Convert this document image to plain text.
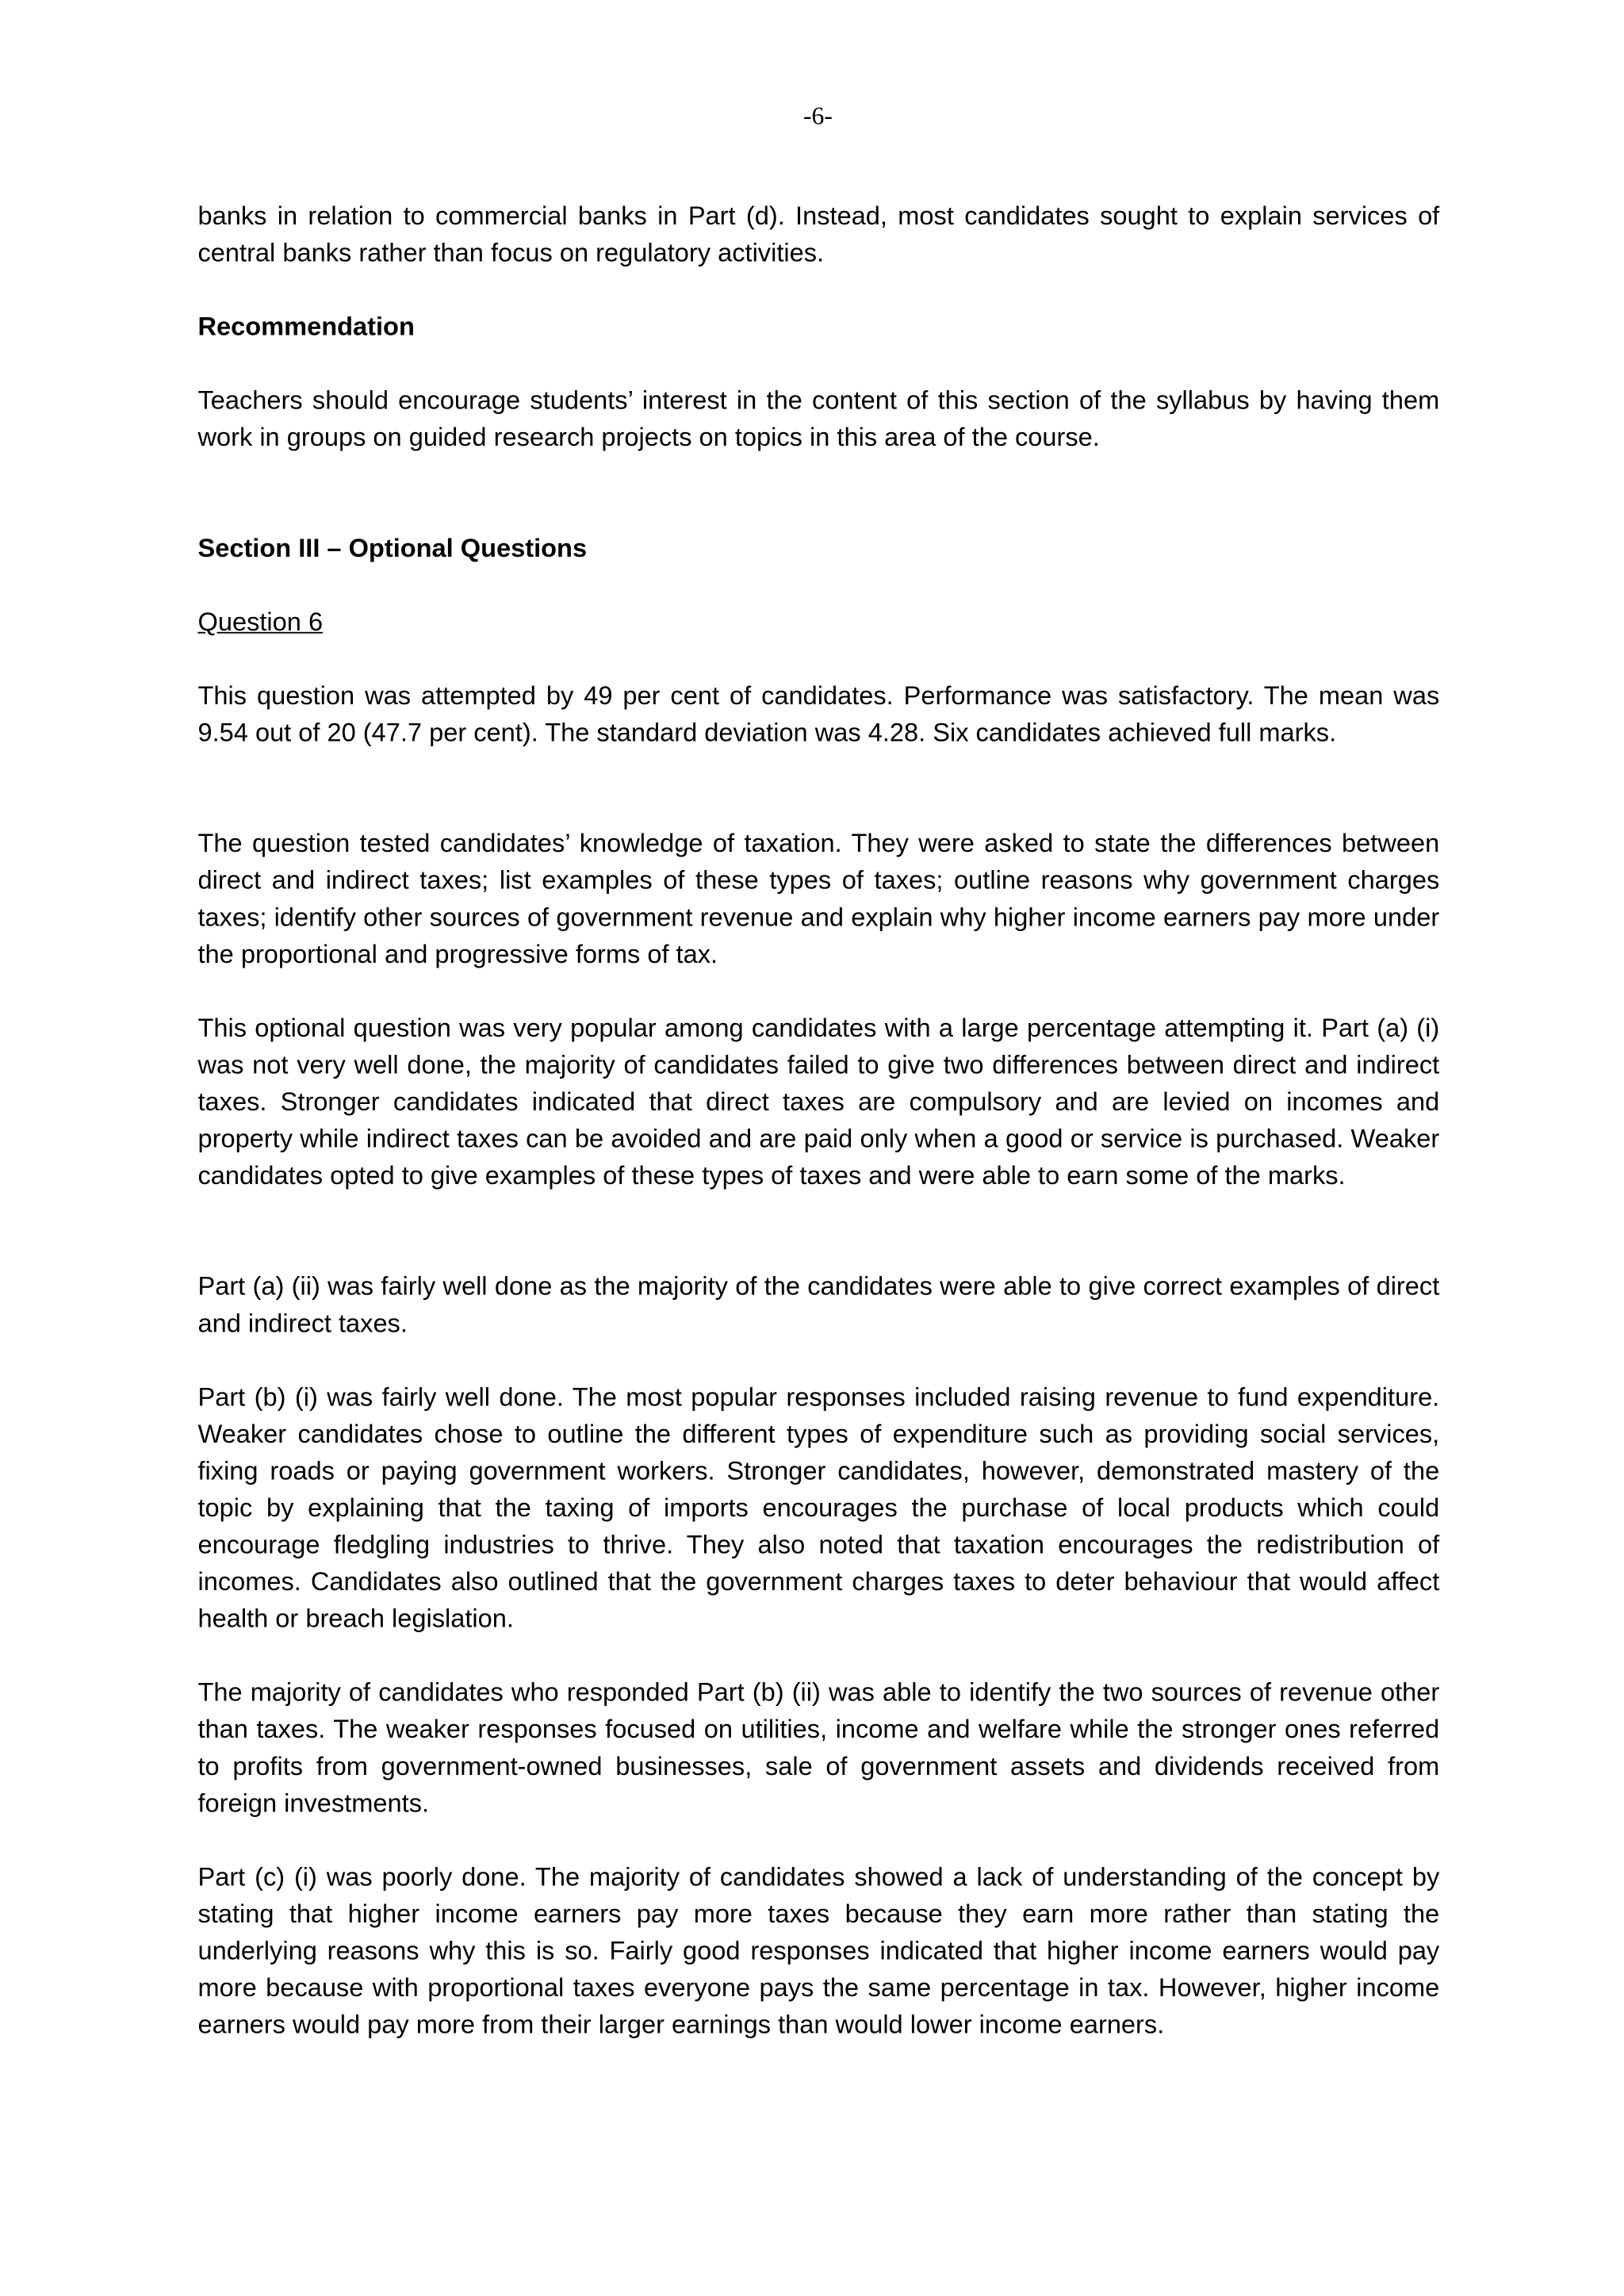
-6-

banks in relation to commercial banks in Part (d). Instead, most candidates sought to explain services of central banks rather than focus on regulatory activities.

Recommendation

Teachers should encourage students’ interest in the content of this section of the syllabus by having them work in groups on guided research projects on topics in this area of the course.

Section III – Optional Questions

Question 6

This question was attempted by 49 per cent of candidates. Performance was satisfactory. The mean was 9.54 out of 20 (47.7 per cent). The standard deviation was 4.28. Six candidates achieved full marks.

The question tested candidates’ knowledge of taxation. They were asked to state the differences between direct and indirect taxes; list examples of these types of taxes; outline reasons why government charges taxes; identify other sources of government revenue and explain why higher income earners pay more under the proportional and progressive forms of tax.

This optional question was very popular among candidates with a large percentage attempting it. Part (a) (i) was not very well done, the majority of candidates failed to give two differences between direct and indirect taxes. Stronger candidates indicated that direct taxes are compulsory and are levied on incomes and property while indirect taxes can be avoided and are paid only when a good or service is purchased. Weaker candidates opted to give examples of these types of taxes and were able to earn some of the marks.

Part (a) (ii) was fairly well done as the majority of the candidates were able to give correct examples of direct and indirect taxes.

Part (b) (i) was fairly well done. The most popular responses included raising revenue to fund expenditure. Weaker candidates chose to outline the different types of expenditure such as providing social services, fixing roads or paying government workers. Stronger candidates, however, demonstrated mastery of the topic by explaining that the taxing of imports encourages the purchase of local products which could encourage fledgling industries to thrive. They also noted that taxation encourages the redistribution of incomes. Candidates also outlined that the government charges taxes to deter behaviour that would affect health or breach legislation.

The majority of candidates who responded Part (b) (ii) was able to identify the two sources of revenue other than taxes. The weaker responses focused on utilities, income and welfare while the stronger ones referred to profits from government-owned businesses, sale of government assets and dividends received from foreign investments.

Part (c) (i) was poorly done. The majority of candidates showed a lack of understanding of the concept by stating that higher income earners pay more taxes because they earn more rather than stating the underlying reasons why this is so. Fairly good responses indicated that higher income earners would pay more because with proportional taxes everyone pays the same percentage in tax. However, higher income earners would pay more from their larger earnings than would lower income earners.
